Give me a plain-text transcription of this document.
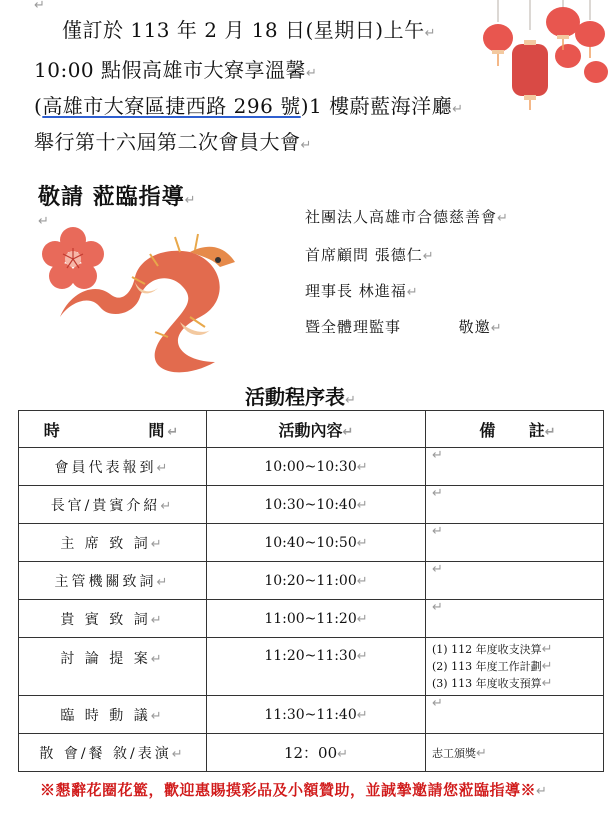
↵
↵
僅訂於 113 年 2 月 18 日(星期日)上午↵
10:00 點假高雄市大寮享溫馨↵
(高雄市大寮區捷西路 296 號)1 樓蔚藍海洋廳↵
舉行第十六屆第二次會員大會↵
敬請 蒞臨指導↵
社團法人高雄市合德慈善會↵
首席顧問 張德仁↵
理事長 林進福↵
暨全體理監事          敬邀↵
活動程序表↵
時          間↵	活動內容↵	備      註↵
會員代表報到↵	10:00~10:30↵	↵
長官/貴賓介紹↵	10:30~10:40↵	↵
主 席 致 詞↵	10:40~10:50↵	↵
主管機關致詞↵	10:20~11:00↵	↵
貴 賓 致 詞↵	11:00~11:20↵	↵
討 論 提 案↵	11:20~11:30↵	(1) 112 年度收支決算↵
(2) 113 年度工作計劃↵
(3) 113 年度收支預算↵

臨 時 動 議↵	11:30~11:40↵	↵
散 會/餐 敘/表演↵	12：00↵	志工頒獎↵
※懇辭花圈花籃，歡迎惠賜摸彩品及小額贊助，並誠摯邀請您蒞臨指導※↵
